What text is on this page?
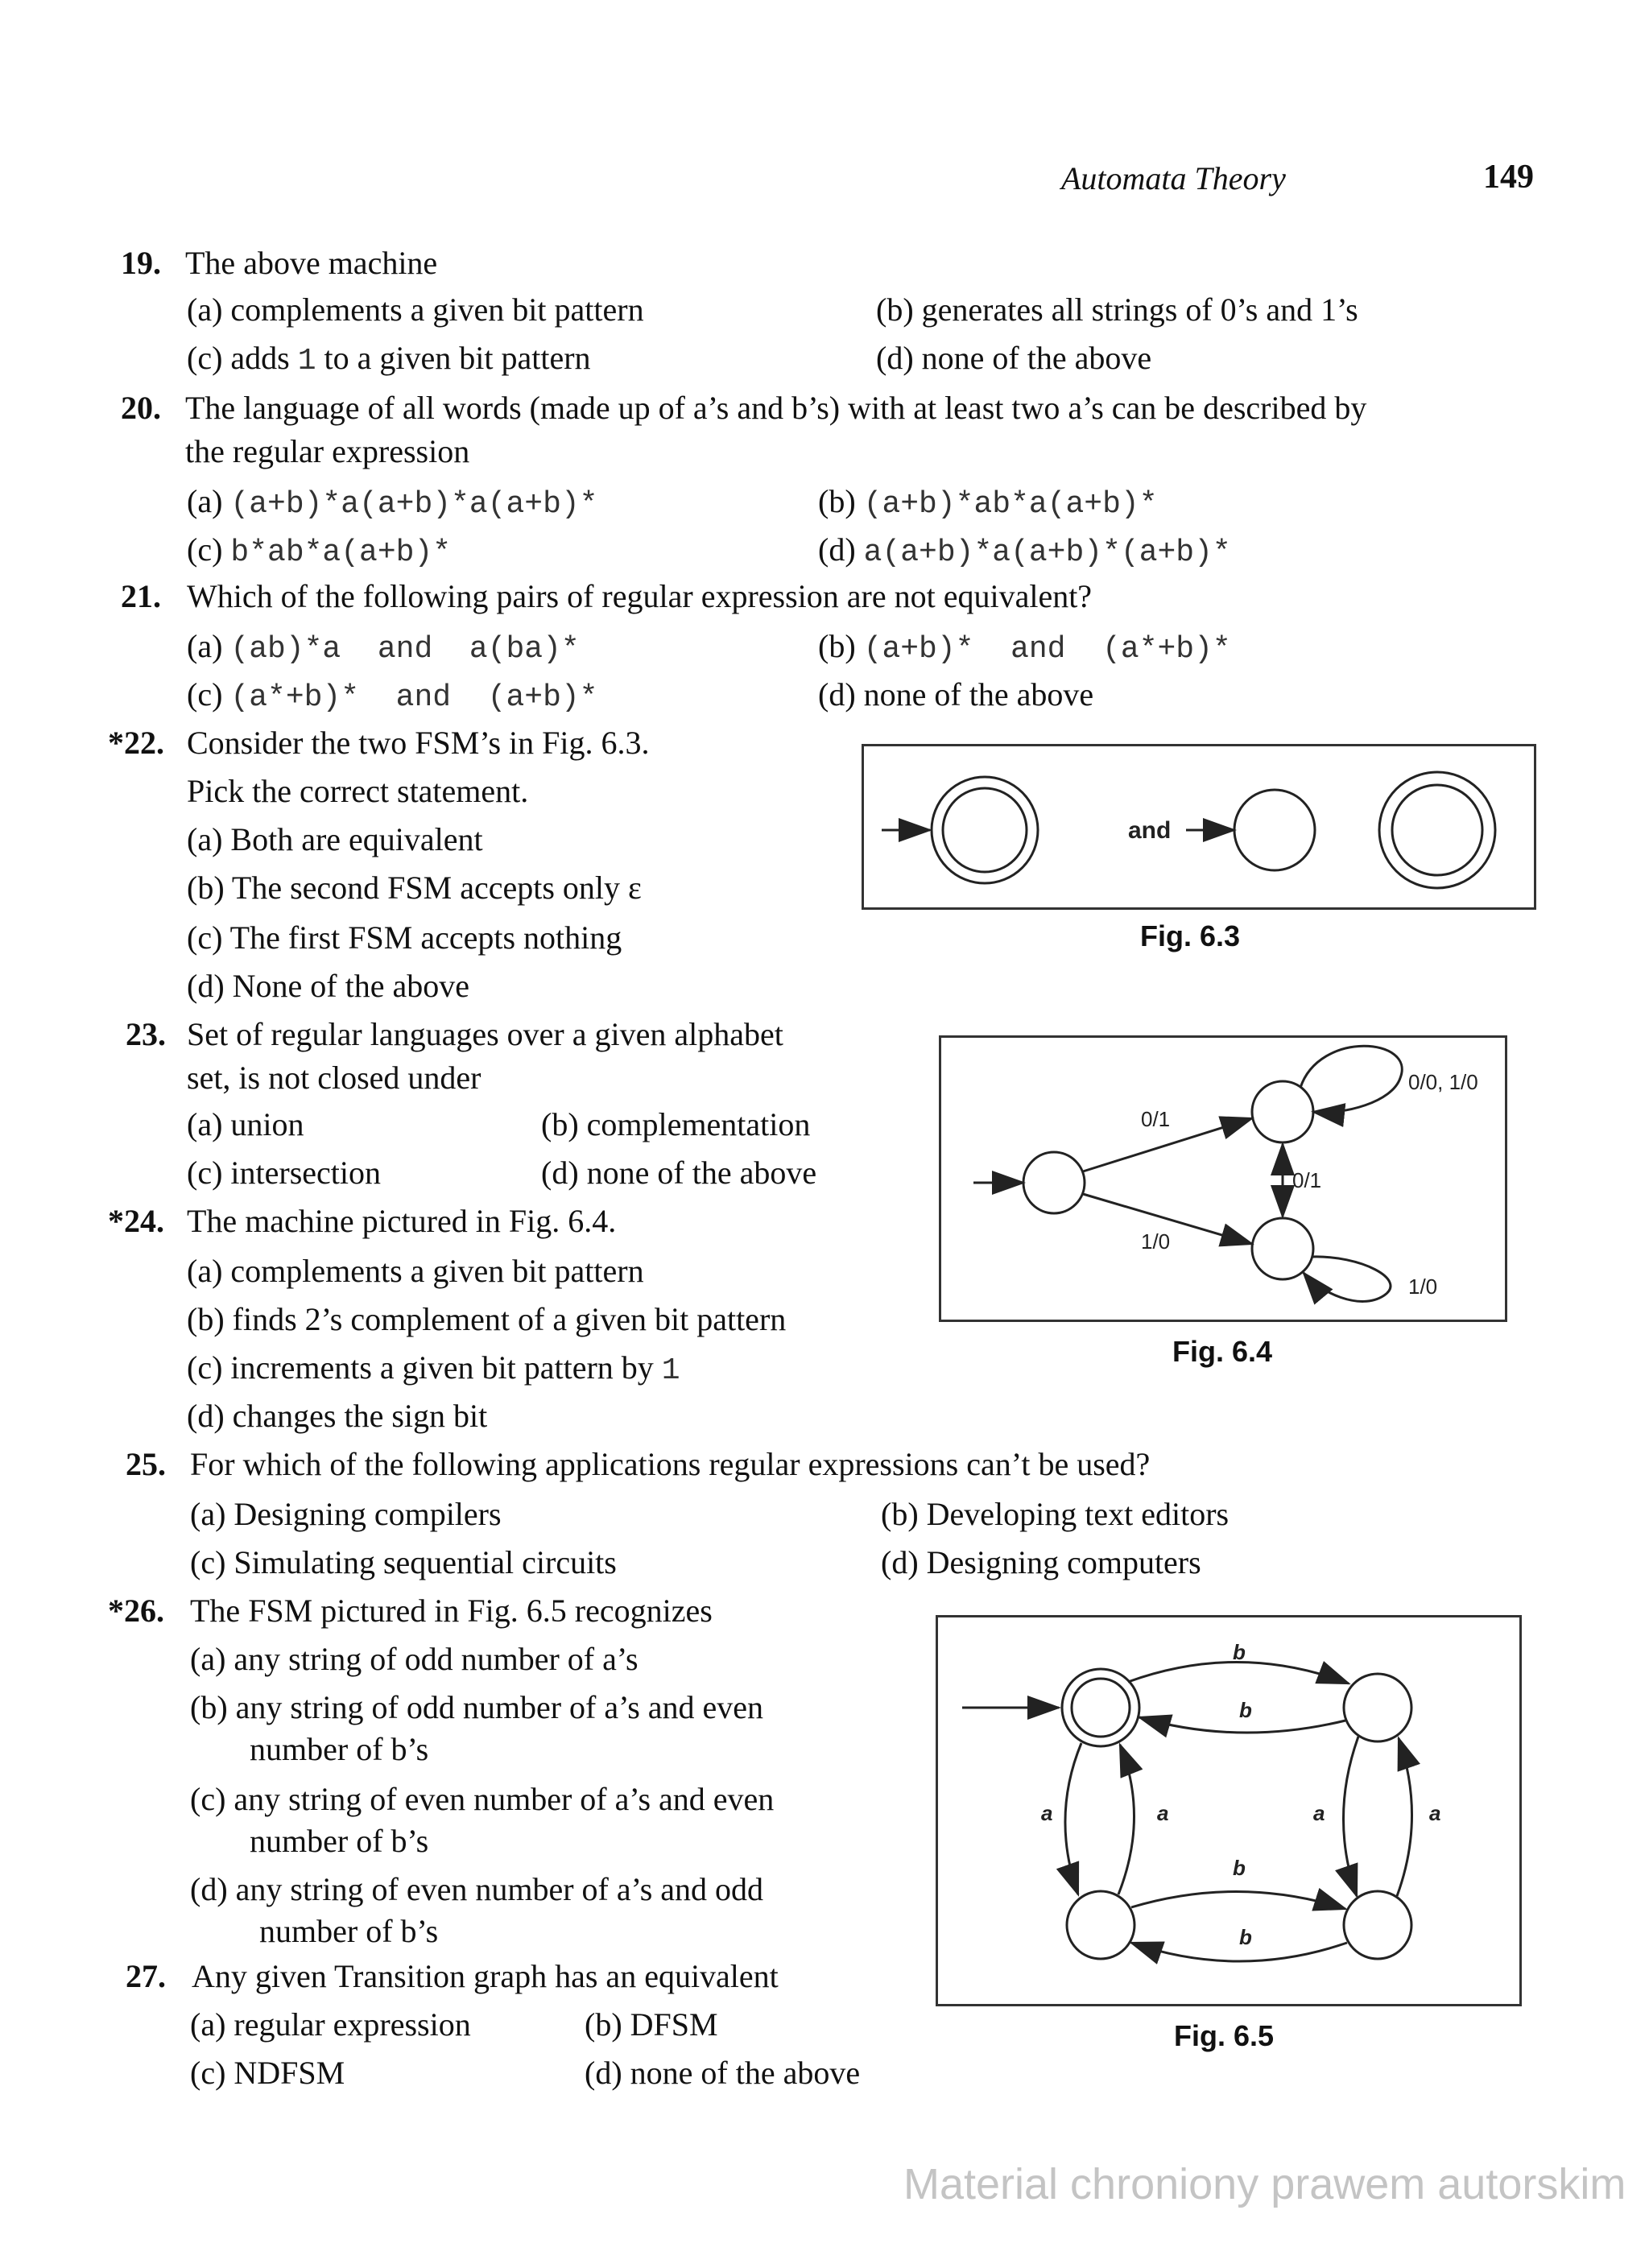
Automata Theory	149
19. The above machine
(a) complements a given bit pattern	(b) generates all strings of 0’s and 1’s
(c) adds 1 to a given bit pattern	(d) none of the above
20. The language of all words (made up of a’s and b’s) with at least two a’s can be described by
the regular expression
(a) (a+b)*a(a+b)*a(a+b)*	(b) (a+b)*ab*a(a+b)*
(c) b*ab*a(a+b)*	(d) a(a+b)*a(a+b)*(a+b)*
21. Which of the following pairs of regular expression are not equivalent?
(a) (ab)*a  and  a(ba)*	(b) (a+b)*  and  (a*+b)*
(c) (a*+b)*  and  (a+b)*	(d) none of the above
*22. Consider the two FSM’s in Fig. 6.3.
Pick the correct statement.
(a) Both are equivalent
(b) The second FSM accepts only ε
(c) The first FSM accepts nothing
(d) None of the above
and
Fig. 6.3
23. Set of regular languages over a given alphabet
set, is not closed under
(a) union	(b) complementation
(c) intersection	(d) none of the above
0/1
1/0
0/1
0/0, 1/0
1/0
Fig. 6.4
*24. The machine pictured in Fig. 6.4.
(a) complements a given bit pattern
(b) finds 2’s complement of a given bit pattern
(c) increments a given bit pattern by 1
(d) changes the sign bit
25. For which of the following applications regular expressions can’t be used?
(a) Designing compilers	(b) Developing text editors
(c) Simulating sequential circuits	(d) Designing computers
*26. The FSM pictured in Fig. 6.5 recognizes
(a) any string of odd number of a’s
(b) any string of odd number of a’s and even
number of b’s
(c) any string of even number of a’s and even
number of b’s
(d) any string of even number of a’s and odd
number of b’s
b
b
b
b
a	a	a	a
Fig. 6.5
27. Any given Transition graph has an equivalent
(a) regular expression	(b) DFSM
(c) NDFSM	(d) none of the above
Material chroniony prawem autorskim
